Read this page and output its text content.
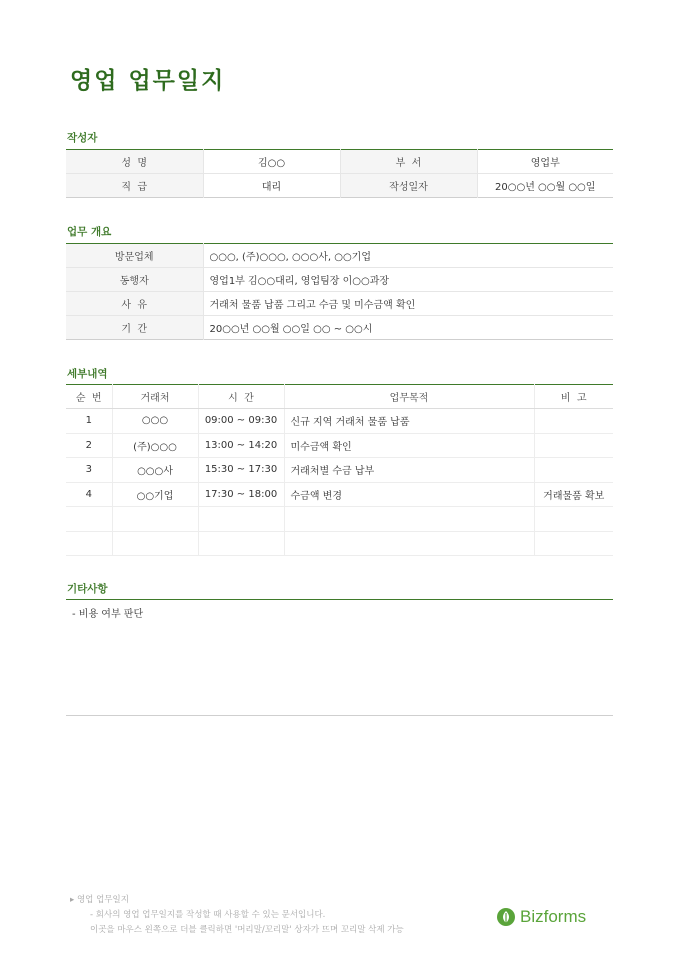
영업 업무일지
작성자
성  명	김○○	부  서	영업부
직  급	대리	작성일자	20○○년 ○○월 ○○일
업무 개요
방문업체	○○○, (주)○○○, ○○○사, ○○기업
동행자	영업1부 김○○대리, 영업팀장 이○○과장
사  유	거래처 물품 납품 그리고 수금 및 미수금액 확인
기  간	20○○년 ○○월 ○○일 ○○ ~ ○○시
세부내역
순  번	거래처	시  간	업무목적	비  고
1	○○○	09:00 ~ 09:30	신규 지역 거래처 물품 납품	
2	(주)○○○	13:00 ~ 14:20	미수금액 확인	
3	○○○사	15:30 ~ 17:30	거래처별 수금 납부	
4	○○기업	17:30 ~ 18:00	수금액 변경	거래물품 확보

기타사항
- 비용 여부 판단
▸ 영업 업무일지
- 회사의 영업 업무일지를 작성할 때 사용할 수 있는 문서입니다.
이곳을 마우스 왼쪽으로 더블 클릭하면 '머리말/꼬리말' 상자가 뜨며 꼬리말 삭제 가능
Bizforms
